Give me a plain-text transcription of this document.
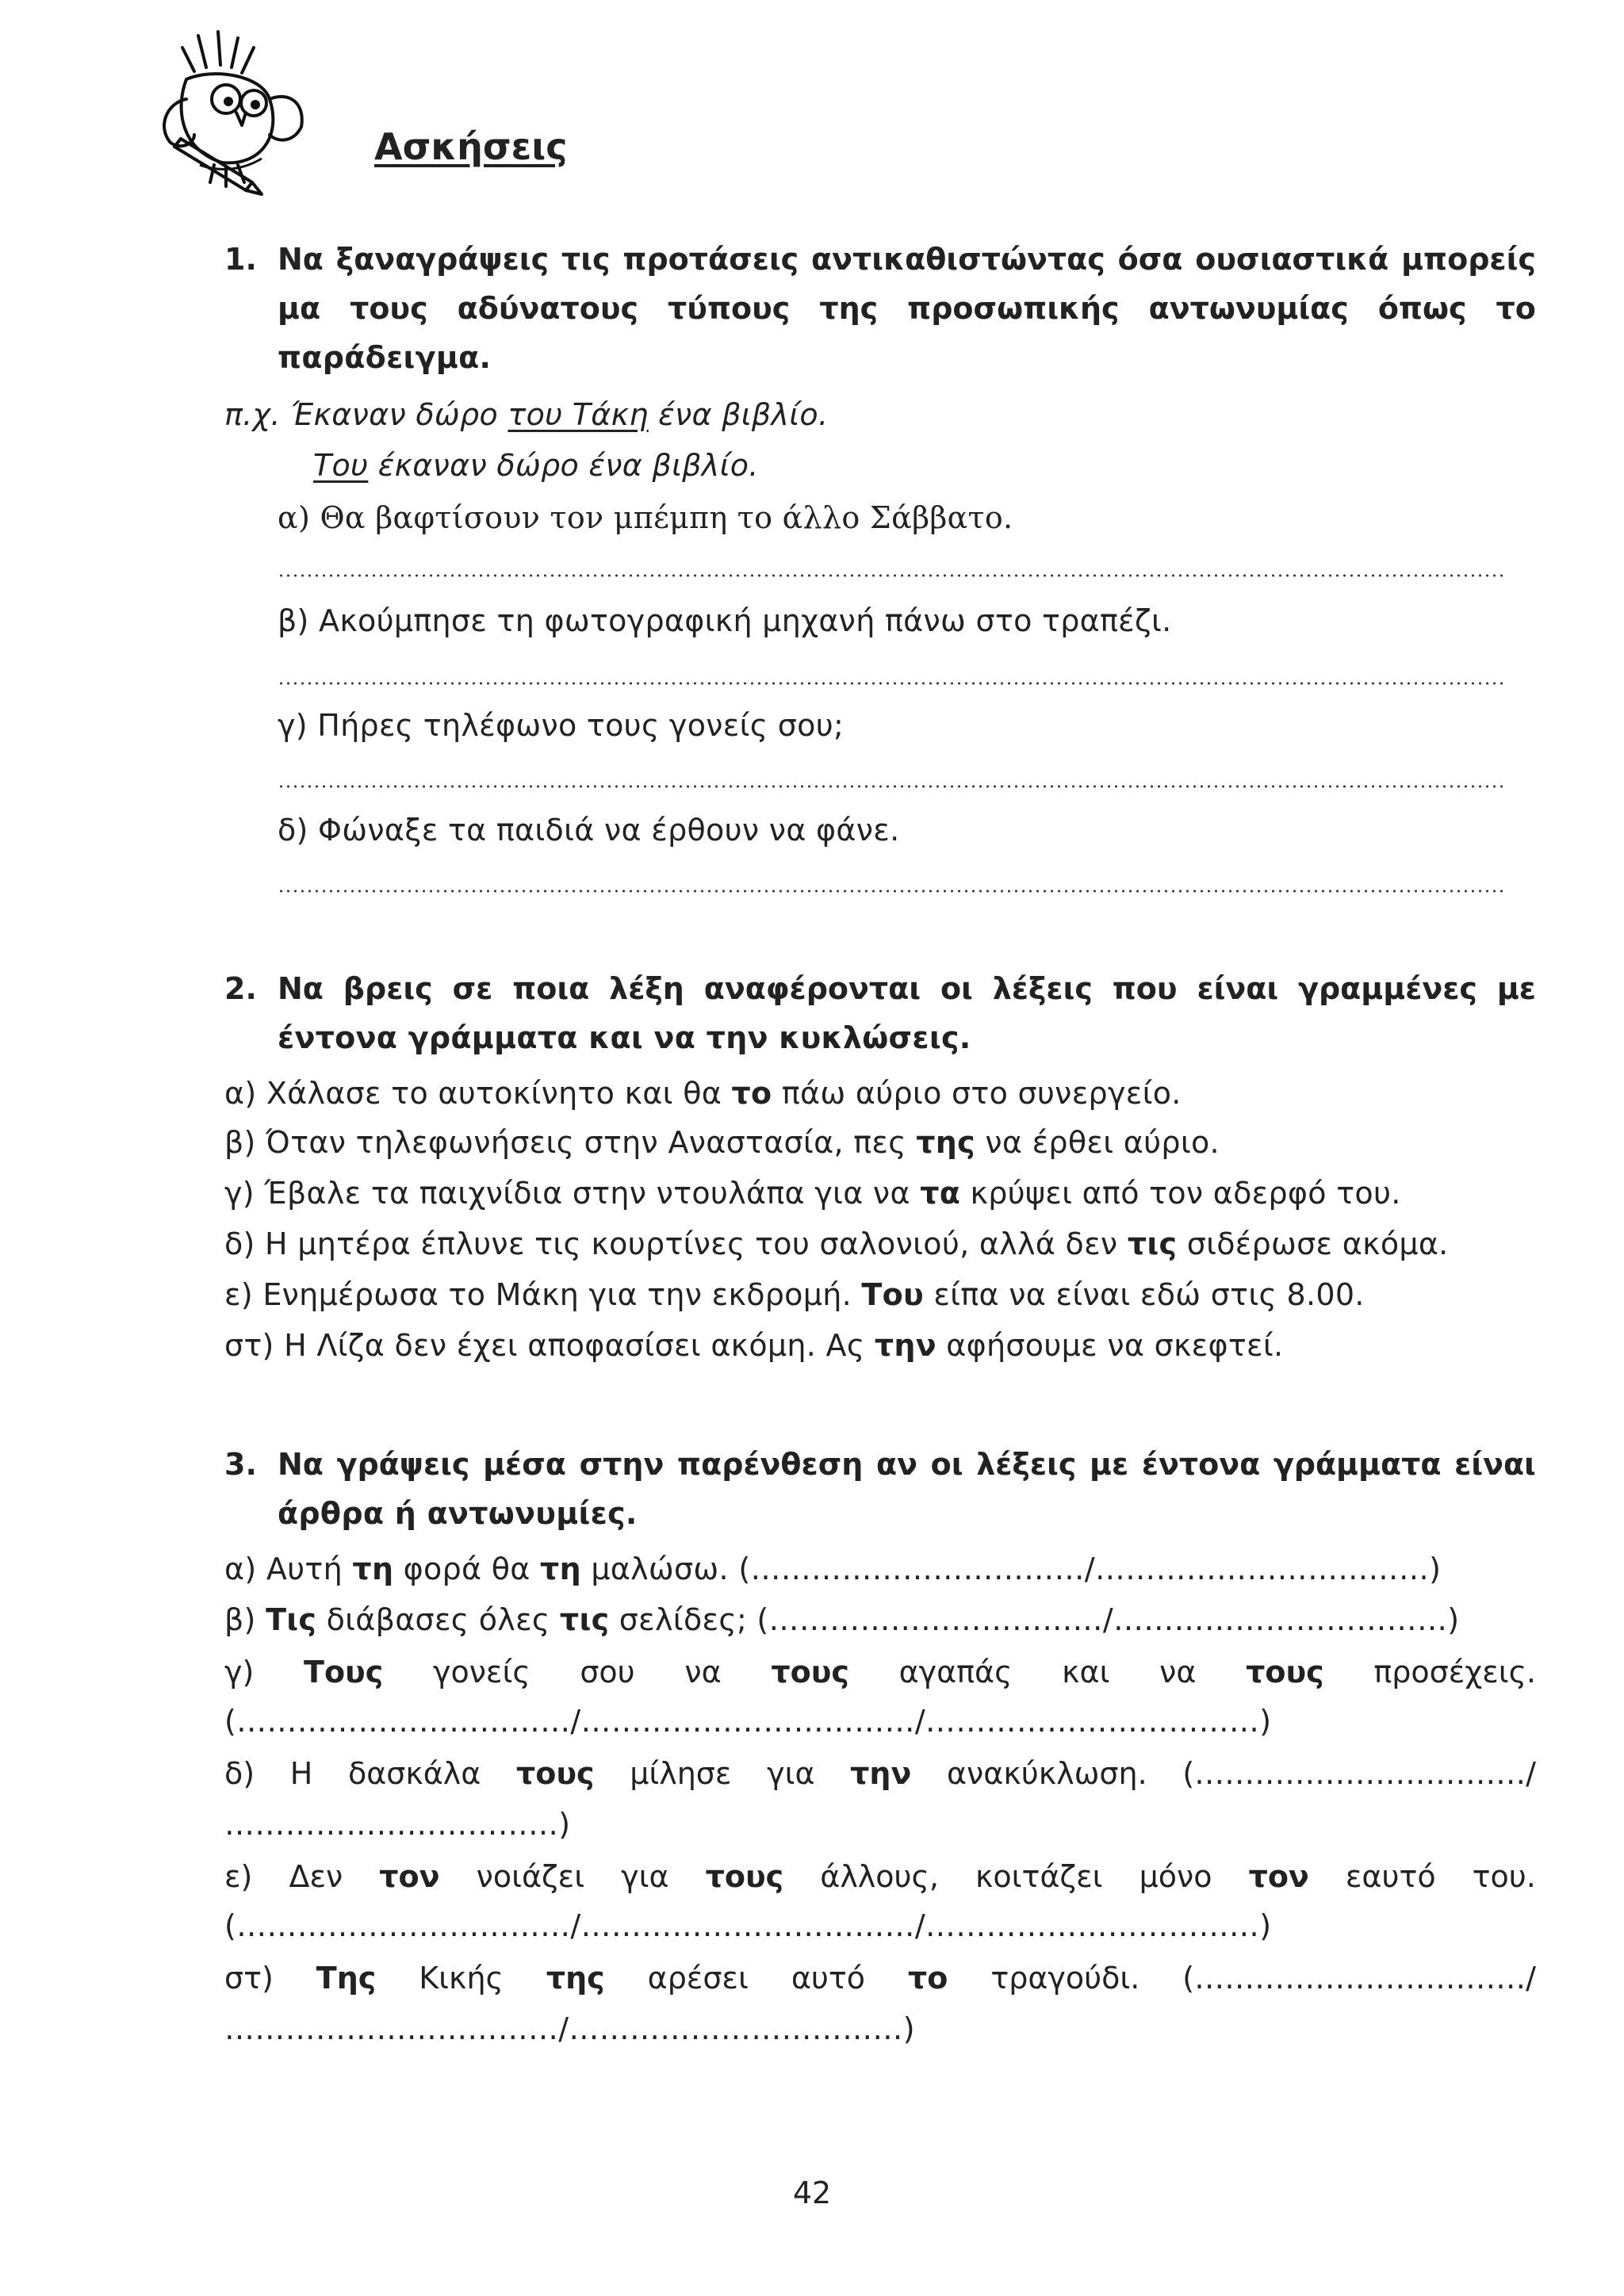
Ασκήσεις
1. Να ξαναγράψεις τις προτάσεις αντικαθιστώντας όσα ουσιαστικά μπορείς
μα τους αδύνατους τύπους της προσωπικής αντωνυμίας όπως το
παράδειγμα.
π.χ. Έκαναν δώρο του Τάκη ένα βιβλίο.
Του έκαναν δώρο ένα βιβλίο.
α) Θα βαφτίσουν τον μπέμπη το άλλο Σάββατο.
β) Ακούμπησε τη φωτογραφική μηχανή πάνω στο τραπέζι.
γ) Πήρες τηλέφωνο τους γονείς σου;
δ) Φώναξε τα παιδιά να έρθουν να φάνε.
2. Να βρεις σε ποια λέξη αναφέρονται οι λέξεις που είναι γραμμένες με
έντονα γράμματα και να την κυκλώσεις.
α) Χάλασε το αυτοκίνητο και θα το πάω αύριο στο συνεργείο.
β) Όταν τηλεφωνήσεις στην Αναστασία, πες της να έρθει αύριο.
γ) Έβαλε τα παιχνίδια στην ντουλάπα για να τα κρύψει από τον αδερφό του.
δ) Η μητέρα έπλυνε τις κουρτίνες του σαλονιού, αλλά δεν τις σιδέρωσε ακόμα.
ε) Ενημέρωσα το Μάκη για την εκδρομή. Του είπα να είναι εδώ στις 8.00.
στ) Η Λίζα δεν έχει αποφασίσει ακόμη. Ας την αφήσουμε να σκεφτεί.
3. Να γράψεις μέσα στην παρένθεση αν οι λέξεις με έντονα γράμματα είναι
άρθρα ή αντωνυμίες.
α) Αυτή τη φορά θα τη μαλώσω. (……………………………/……………………………)
β) Τις διάβασες όλες τις σελίδες; (……………………………/……………………………)
γ) Τους γονείς σου να τους αγαπάς και να τους προσέχεις.
(……………………………/……………………………/……………………………)
δ) Η δασκάλα τους μίλησε για την ανακύκλωση. (……………………………/
……………………………)
ε) Δεν τον νοιάζει για τους άλλους, κοιτάζει μόνο τον εαυτό του.
(……………………………/……………………………/……………………………)
στ) Της Κικής της αρέσει αυτό το τραγούδι. (……………………………/
……………………………/……………………………)
42
